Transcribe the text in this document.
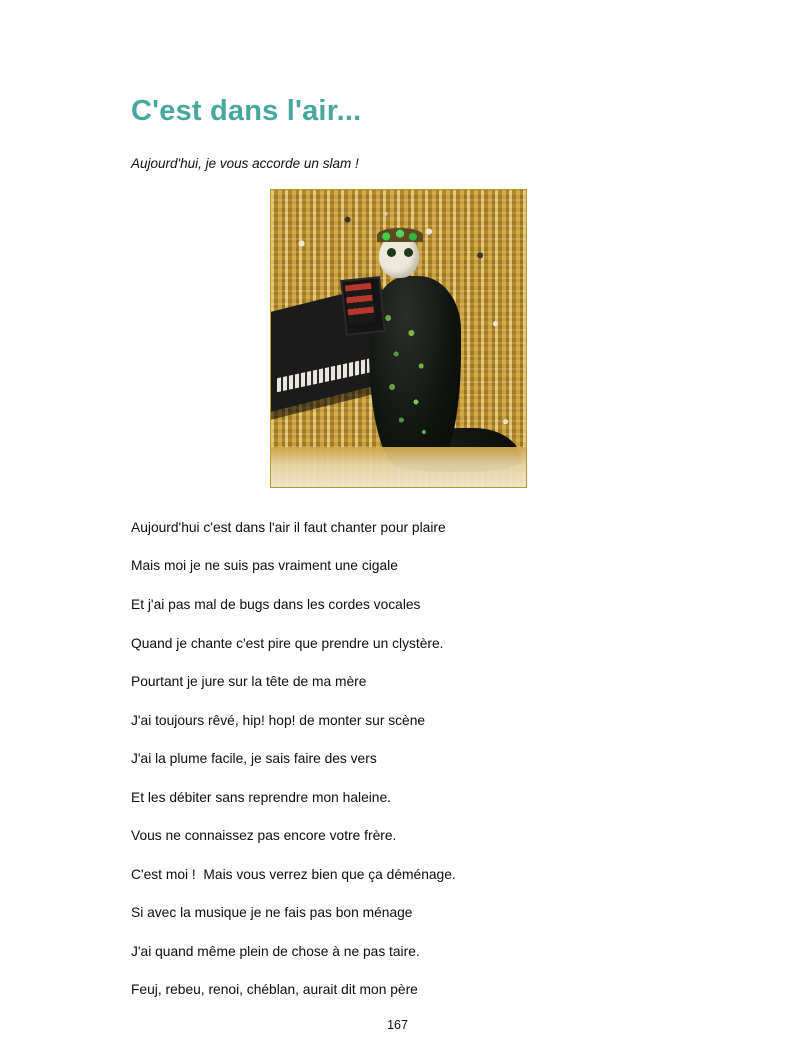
C'est dans l'air...

Aujourd'hui, je vous accorde un slam !

Aujourd'hui c'est dans l'air il faut chanter pour plaire

Mais moi je ne suis pas vraiment une cigale

Et j'ai pas mal de bugs dans les cordes vocales

Quand je chante c'est pire que prendre un clystère.

Pourtant je jure sur la tête de ma mère

J'ai toujours rêvé, hip! hop! de monter sur scène

J'ai la plume facile, je sais faire des vers

Et les débiter sans reprendre mon haleine.

Vous ne connaissez pas encore votre frère.

C'est moi !  Mais vous verrez bien que ça déménage.

Si avec la musique je ne fais pas bon ménage

J'ai quand même plein de chose à ne pas taire.

Feuj, rebeu, renoi, chéblan, aurait dit mon père

167
